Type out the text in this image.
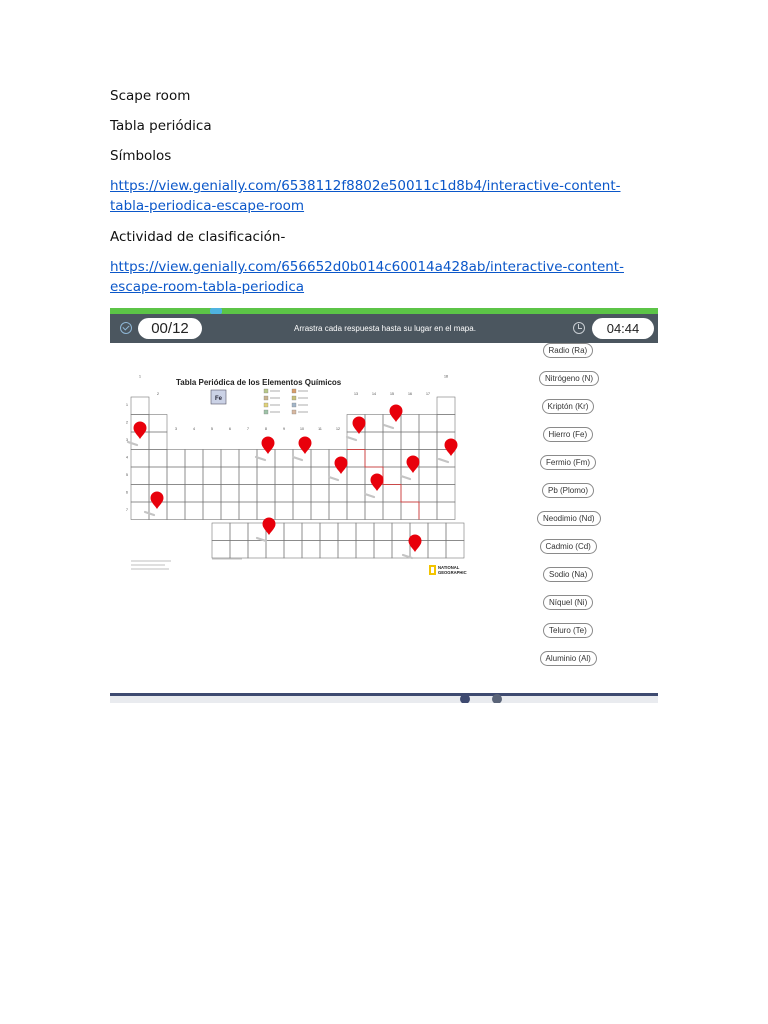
Scape room

Tabla periódica

Símbolos

https://view.genially.com/6538112f8802e50011c1d8b4/interactive-content-tabla-periodica-escape-room

Actividad de clasificación-

https://view.genially.com/656652d0b014c60014a428ab/interactive-content-escape-room-tabla-periodica
00/12	Arrastra cada respuesta hasta su lugar en el mapa.	04:44
Tabla Periódica de los Elementos Químicos
1
2
3	4	5	6	7	8	9	10	11	12
13	14	15	16	17
18
1
2
3
4
5
6
7
Fe
NATIONAL
GEOGRAPHIC
Radio (Ra)
Nitrógeno (N)
Kriptón (Kr)
Hierro (Fe)
Fermio (Fm)
Pb (Plomo)
Neodimio (Nd)
Cadmio (Cd)
Sodio (Na)
Níquel (Ni)
Teluro (Te)
Aluminio (Al)
